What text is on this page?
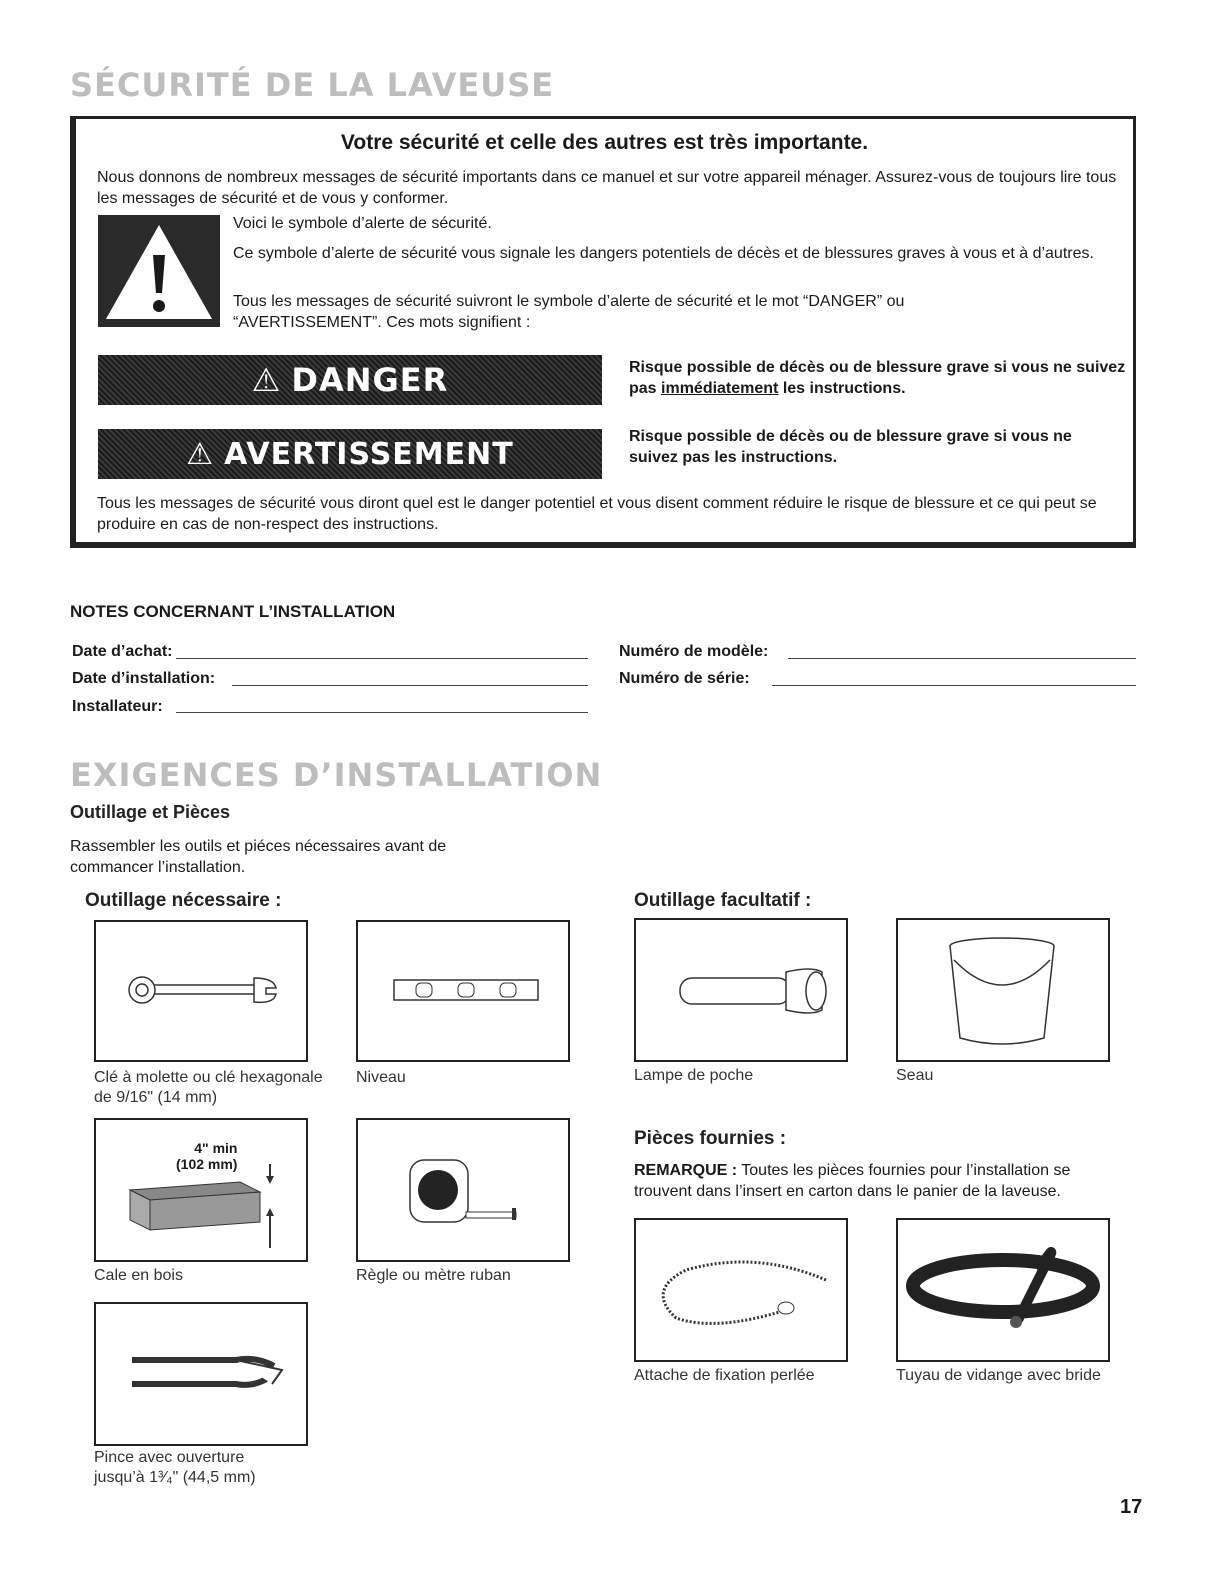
SÉCURITÉ DE LA LAVEUSE
Votre sécurité et celle des autres est très importante.
Nous donnons de nombreux messages de sécurité importants dans ce manuel et sur votre appareil ménager. Assurez-vous de toujours lire tous les messages de sécurité et de vous y conformer.
Voici le symbole d’alerte de sécurité.
Ce symbole d’alerte de sécurité vous signale les dangers potentiels de décès et de blessures graves à vous et à d’autres.
Tous les messages de sécurité suivront le symbole d’alerte de sécurité et le mot “DANGER” ou “AVERTISSEMENT”. Ces mots signifient :
⚠ DANGER	Risque possible de décès ou de blessure grave si vous ne suivez pas immédiatement les instructions.
⚠ AVERTISSEMENT	Risque possible de décès ou de blessure grave si vous ne suivez pas les instructions.
Tous les messages de sécurité vous diront quel est le danger potentiel et vous disent comment réduire le risque de blessure et ce qui peut se produire en cas de non-respect des instructions.
NOTES CONCERNANT L’INSTALLATION
Date d’achat:
Date d’installation:
Installateur:
Numéro de modèle:
Numéro de série:
EXIGENCES D’INSTALLATION
Outillage et Pièces
Rassembler les outils et piéces nécessaires avant de commancer l’installation.
Outillage nécessaire :	Outillage facultatif :
Clé à molette ou clé hexagonale de 9/16" (14 mm)
Niveau	Lampe de poche	Seau
4" min
(102 mm)
Cale en bois	Règle ou mètre ruban
Pièces fournies :
REMARQUE : Toutes les pièces fournies pour l’installation se trouvent dans l’insert en carton dans le panier de la laveuse.
Attache de fixation perlée	Tuyau de vidange avec bride
Pince avec ouverture jusqu’à 1³⁄₄" (44,5 mm)
17
